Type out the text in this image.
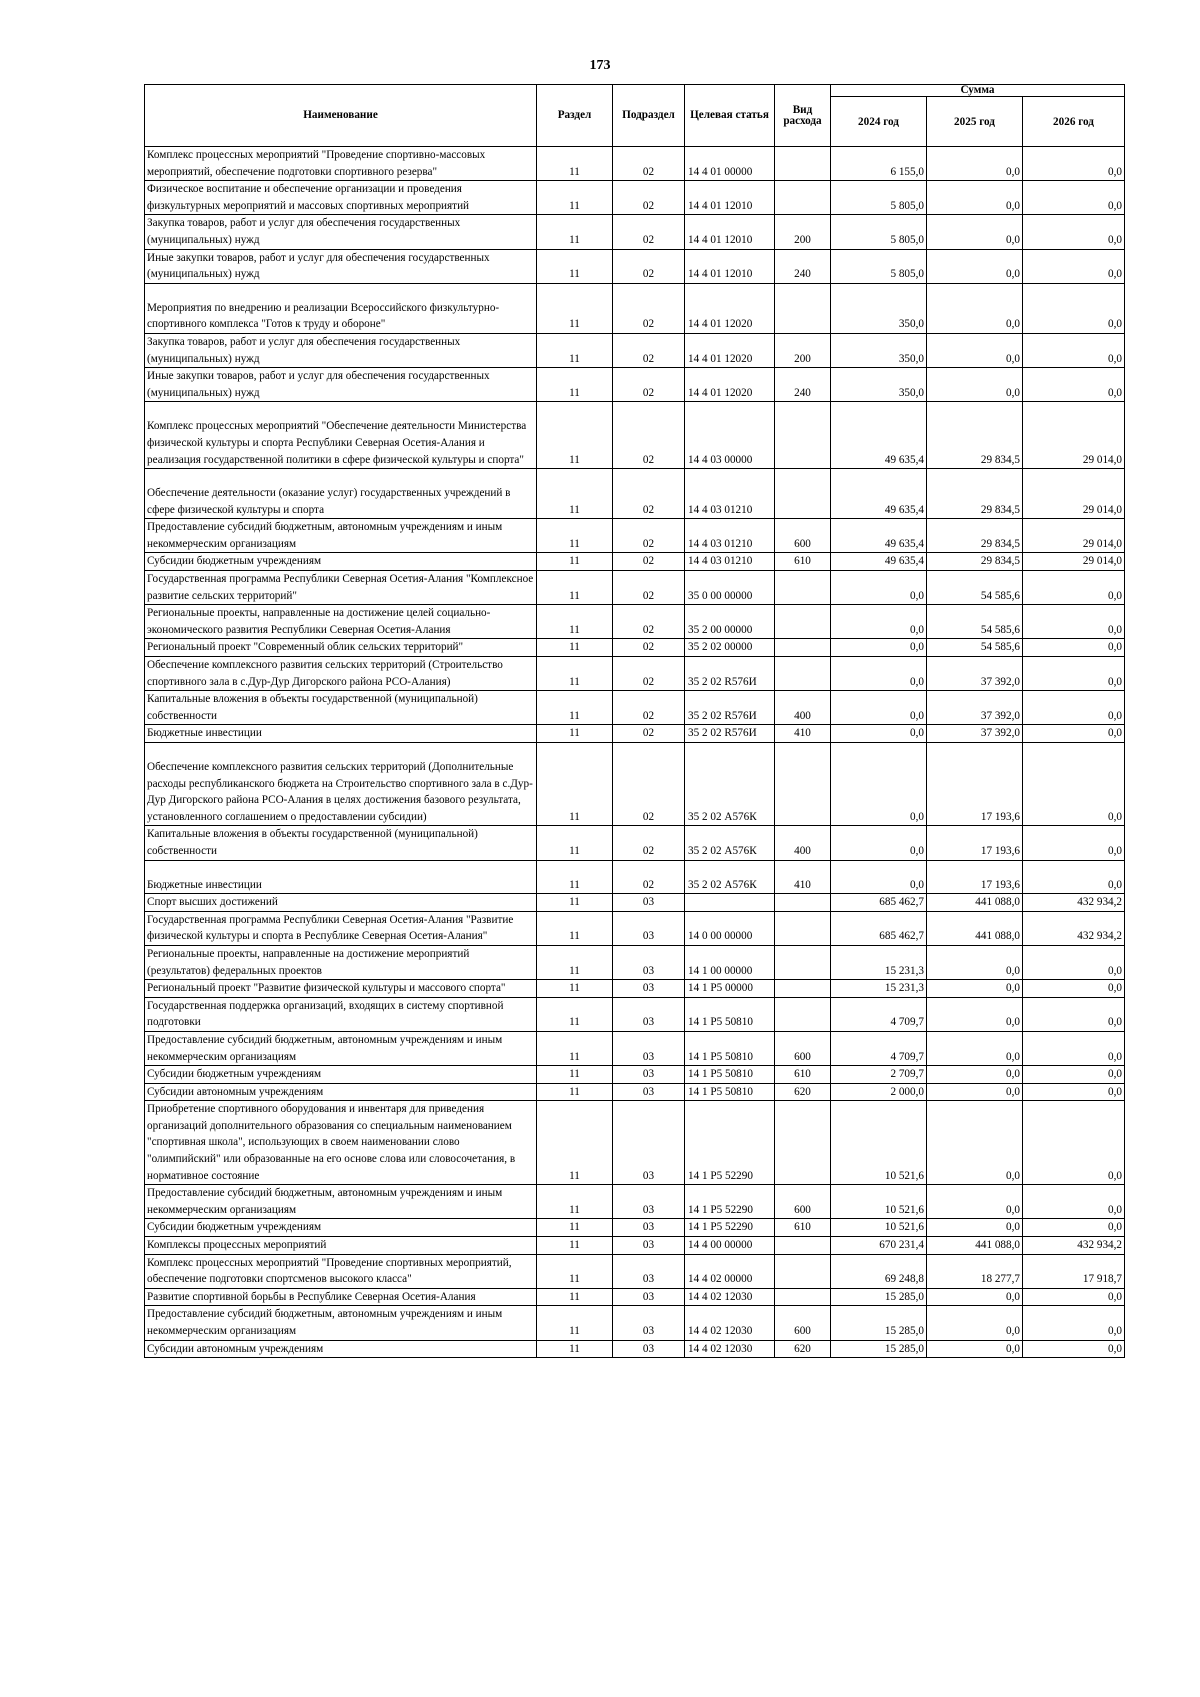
173
Наименование	Раздел	Подраздел	Целевая статья	Вид расхода	Сумма		
					2024 год	2025 год	2026 год
Комплекс процессных мероприятий "Проведение спортивно-массовых мероприятий, обеспечение подготовки спортивного резерва"	11	02	14 4 01 00000		6 155,0	0,0	0,0
Физическое воспитание и обеспечение организации и проведения физкультурных мероприятий и массовых спортивных мероприятий	11	02	14 4 01 12010		5 805,0	0,0	0,0
Закупка товаров, работ и услуг для обеспечения государственных (муниципальных) нужд	11	02	14 4 01 12010	200	5 805,0	0,0	0,0
Иные закупки товаров, работ и услуг для обеспечения государственных (муниципальных) нужд	11	02	14 4 01 12010	240	5 805,0	0,0	0,0
Мероприятия по внедрению и реализации Всероссийского физкультурно-спортивного комплекса "Готов к труду и обороне"	11	02	14 4 01 12020		350,0	0,0	0,0
Закупка товаров, работ и услуг для обеспечения государственных (муниципальных) нужд	11	02	14 4 01 12020	200	350,0	0,0	0,0
Иные закупки товаров, работ и услуг для обеспечения государственных (муниципальных) нужд	11	02	14 4 01 12020	240	350,0	0,0	0,0
Комплекс процессных мероприятий "Обеспечение деятельности Министерства физической культуры и спорта Республики Северная Осетия-Алания и реализация государственной политики в сфере физической культуры и спорта"	11	02	14 4 03 00000		49 635,4	29 834,5	29 014,0
Обеспечение деятельности (оказание услуг) государственных учреждений в сфере физической культуры и спорта	11	02	14 4 03 01210		49 635,4	29 834,5	29 014,0
Предоставление субсидий бюджетным, автономным учреждениям и иным некоммерческим организациям	11	02	14 4 03 01210	600	49 635,4	29 834,5	29 014,0
Субсидии бюджетным учреждениям	11	02	14 4 03 01210	610	49 635,4	29 834,5	29 014,0
Государственная программа Республики Северная Осетия-Алания "Комплексное развитие сельских территорий"	11	02	35 0 00 00000		0,0	54 585,6	0,0
Региональные проекты, направленные на достижение целей социально-экономического развития Республики Северная Осетия-Алания	11	02	35 2 00 00000		0,0	54 585,6	0,0
Региональный проект "Современный облик сельских территорий"	11	02	35 2 02 00000		0,0	54 585,6	0,0
Обеспечение комплексного развития сельских территорий (Строительство спортивного зала в с.Дур-Дур Дигорского района РСО-Алания)	11	02	35 2 02 R576И		0,0	37 392,0	0,0
Капитальные вложения в объекты государственной (муниципальной) собственности	11	02	35 2 02 R576И	400	0,0	37 392,0	0,0
Бюджетные инвестиции	11	02	35 2 02 R576И	410	0,0	37 392,0	0,0
Обеспечение комплексного развития сельских территорий (Дополнительные расходы республиканского бюджета на Строительство спортивного зала в с.Дур-Дур Дигорского района РСО-Алания в целях достижения базового результата, установленного соглашением о предоставлении субсидии)	11	02	35 2 02 А576К		0,0	17 193,6	0,0
Капитальные вложения в объекты государственной (муниципальной) собственности	11	02	35 2 02 А576К	400	0,0	17 193,6	0,0
Бюджетные инвестиции	11	02	35 2 02 А576К	410	0,0	17 193,6	0,0
Спорт высших достижений	11	03			685 462,7	441 088,0	432 934,2
Государственная программа Республики Северная Осетия-Алания "Развитие физической культуры и спорта в Республике Северная Осетия-Алания"	11	03	14 0 00 00000		685 462,7	441 088,0	432 934,2
Региональные проекты, направленные на достижение мероприятий (результатов) федеральных проектов	11	03	14 1 00 00000		15 231,3	0,0	0,0
Региональный проект "Развитие физической культуры и массового спорта"	11	03	14 1 P5 00000		15 231,3	0,0	0,0
Государственная поддержка организаций, входящих в систему спортивной подготовки	11	03	14 1 P5 50810		4 709,7	0,0	0,0
Предоставление субсидий бюджетным, автономным учреждениям и иным некоммерческим организациям	11	03	14 1 P5 50810	600	4 709,7	0,0	0,0
Субсидии бюджетным учреждениям	11	03	14 1 P5 50810	610	2 709,7	0,0	0,0
Субсидии автономным учреждениям	11	03	14 1 P5 50810	620	2 000,0	0,0	0,0
Приобретение спортивного оборудования и инвентаря для приведения организаций дополнительного образования со специальным наименованием "спортивная школа", использующих в своем наименовании слово "олимпийский" или образованные на его основе слова или словосочетания, в нормативное состояние	11	03	14 1 P5 52290		10 521,6	0,0	0,0
Предоставление субсидий бюджетным, автономным учреждениям и иным некоммерческим организациям	11	03	14 1 P5 52290	600	10 521,6	0,0	0,0
Субсидии бюджетным учреждениям	11	03	14 1 P5 52290	610	10 521,6	0,0	0,0
Комплексы процессных мероприятий	11	03	14 4 00 00000		670 231,4	441 088,0	432 934,2
Комплекс процессных мероприятий "Проведение спортивных мероприятий, обеспечение подготовки спортсменов высокого класса"	11	03	14 4 02 00000		69 248,8	18 277,7	17 918,7
Развитие спортивной борьбы в Республике Северная Осетия-Алания	11	03	14 4 02 12030		15 285,0	0,0	0,0
Предоставление субсидий бюджетным, автономным учреждениям и иным некоммерческим организациям	11	03	14 4 02 12030	600	15 285,0	0,0	0,0
Субсидии автономным учреждениям	11	03	14 4 02 12030	620	15 285,0	0,0	0,0
